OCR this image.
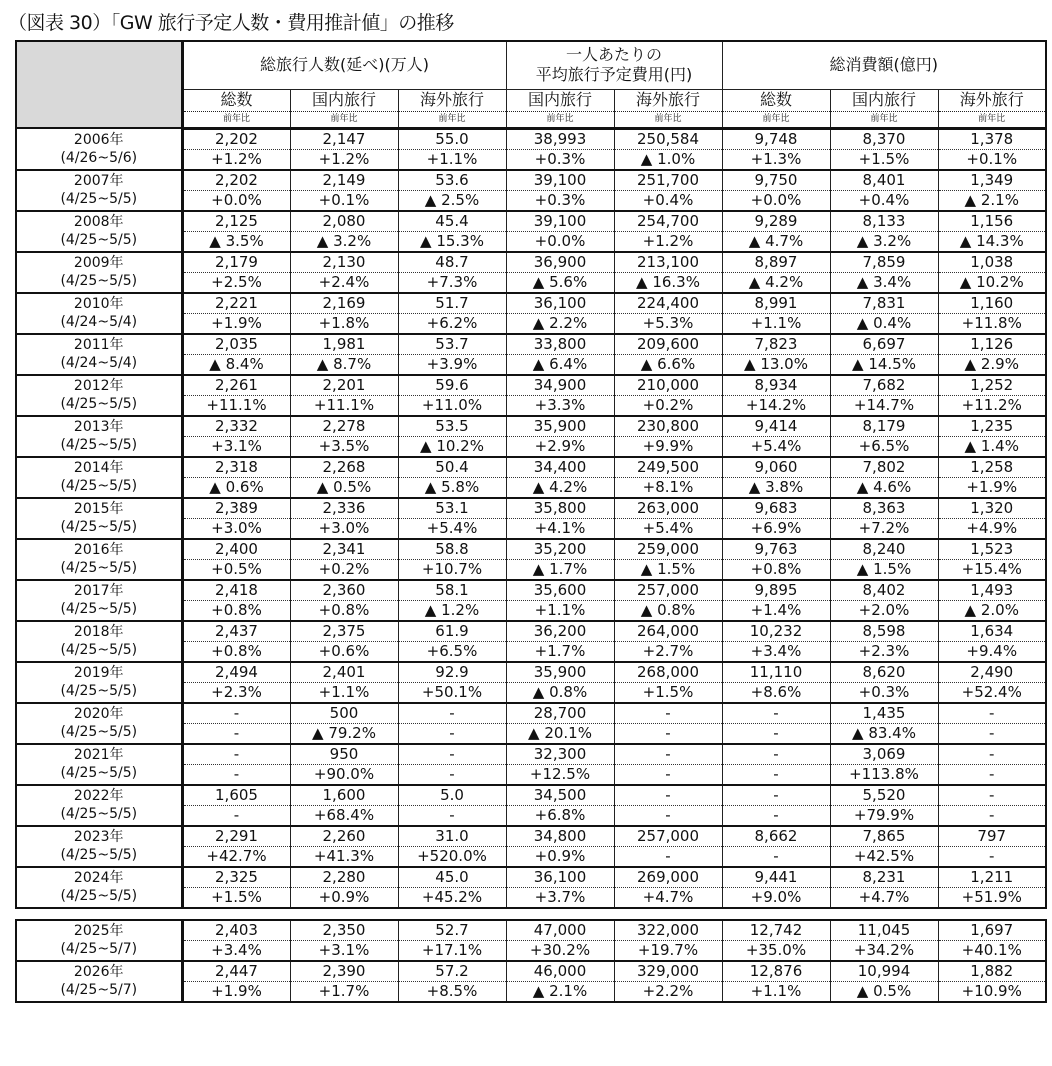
（図表 30）「GW 旅行予定人数・費用推計値」の推移
	総旅行人数(延べ)(万人)			一人あたりの
平均旅行予定費用(円)		総消費額(億円)		
	総数	国内旅行	海外旅行	国内旅行	海外旅行	総数	国内旅行	海外旅行
	前年比	前年比	前年比	前年比	前年比	前年比	前年比	前年比

2006年
(4/26~5/6)	2,202	2,147	55.0	38,993	250,584	9,748	8,370	1,378
	+1.2%	+1.2%	+1.1%	+0.3%	▲ 1.0%	+1.3%	+1.5%	+0.1%

2007年
(4/25~5/5)	2,202	2,149	53.6	39,100	251,700	9,750	8,401	1,349
	+0.0%	+0.1%	▲ 2.5%	+0.3%	+0.4%	+0.0%	+0.4%	▲ 2.1%

2008年
(4/25~5/5)	2,125	2,080	45.4	39,100	254,700	9,289	8,133	1,156
	▲ 3.5%	▲ 3.2%	▲ 15.3%	+0.0%	+1.2%	▲ 4.7%	▲ 3.2%	▲ 14.3%

2009年
(4/25~5/5)	2,179	2,130	48.7	36,900	213,100	8,897	7,859	1,038
	+2.5%	+2.4%	+7.3%	▲ 5.6%	▲ 16.3%	▲ 4.2%	▲ 3.4%	▲ 10.2%

2010年
(4/24~5/4)	2,221	2,169	51.7	36,100	224,400	8,991	7,831	1,160
	+1.9%	+1.8%	+6.2%	▲ 2.2%	+5.3%	+1.1%	▲ 0.4%	+11.8%

2011年
(4/24~5/4)	2,035	1,981	53.7	33,800	209,600	7,823	6,697	1,126
	▲ 8.4%	▲ 8.7%	+3.9%	▲ 6.4%	▲ 6.6%	▲ 13.0%	▲ 14.5%	▲ 2.9%

2012年
(4/25~5/5)	2,261	2,201	59.6	34,900	210,000	8,934	7,682	1,252
	+11.1%	+11.1%	+11.0%	+3.3%	+0.2%	+14.2%	+14.7%	+11.2%

2013年
(4/25~5/5)	2,332	2,278	53.5	35,900	230,800	9,414	8,179	1,235
	+3.1%	+3.5%	▲ 10.2%	+2.9%	+9.9%	+5.4%	+6.5%	▲ 1.4%

2014年
(4/25~5/5)	2,318	2,268	50.4	34,400	249,500	9,060	7,802	1,258
	▲ 0.6%	▲ 0.5%	▲ 5.8%	▲ 4.2%	+8.1%	▲ 3.8%	▲ 4.6%	+1.9%

2015年
(4/25~5/5)	2,389	2,336	53.1	35,800	263,000	9,683	8,363	1,320
	+3.0%	+3.0%	+5.4%	+4.1%	+5.4%	+6.9%	+7.2%	+4.9%

2016年
(4/25~5/5)	2,400	2,341	58.8	35,200	259,000	9,763	8,240	1,523
	+0.5%	+0.2%	+10.7%	▲ 1.7%	▲ 1.5%	+0.8%	▲ 1.5%	+15.4%

2017年
(4/25~5/5)	2,418	2,360	58.1	35,600	257,000	9,895	8,402	1,493
	+0.8%	+0.8%	▲ 1.2%	+1.1%	▲ 0.8%	+1.4%	+2.0%	▲ 2.0%

2018年
(4/25~5/5)	2,437	2,375	61.9	36,200	264,000	10,232	8,598	1,634
	+0.8%	+0.6%	+6.5%	+1.7%	+2.7%	+3.4%	+2.3%	+9.4%

2019年
(4/25~5/5)	2,494	2,401	92.9	35,900	268,000	11,110	8,620	2,490
	+2.3%	+1.1%	+50.1%	▲ 0.8%	+1.5%	+8.6%	+0.3%	+52.4%

2020年
(4/25~5/5)	-	500	-	28,700	-	-	1,435	-
	-	▲ 79.2%	-	▲ 20.1%	-	-	▲ 83.4%	-

2021年
(4/25~5/5)	-	950	-	32,300	-	-	3,069	-
	-	+90.0%	-	+12.5%	-	-	+113.8%	-

2022年
(4/25~5/5)	1,605	1,600	5.0	34,500	-	-	5,520	-
	-	+68.4%	-	+6.8%	-	-	+79.9%	-

2023年
(4/25~5/5)	2,291	2,260	31.0	34,800	257,000	8,662	7,865	797
	+42.7%	+41.3%	+520.0%	+0.9%	-	-	+42.5%	-

2024年
(4/25~5/5)	2,325	2,280	45.0	36,100	269,000	9,441	8,231	1,211
	+1.5%	+0.9%	+45.2%	+3.7%	+4.7%	+9.0%	+4.7%	+51.9%
2025年
(4/25~5/7)	2,403	2,350	52.7	47,000	322,000	12,742	11,045	1,697
	+3.4%	+3.1%	+17.1%	+30.2%	+19.7%	+35.0%	+34.2%	+40.1%

2026年
(4/25~5/7)	2,447	2,390	57.2	46,000	329,000	12,876	10,994	1,882
	+1.9%	+1.7%	+8.5%	▲ 2.1%	+2.2%	+1.1%	▲ 0.5%	+10.9%
